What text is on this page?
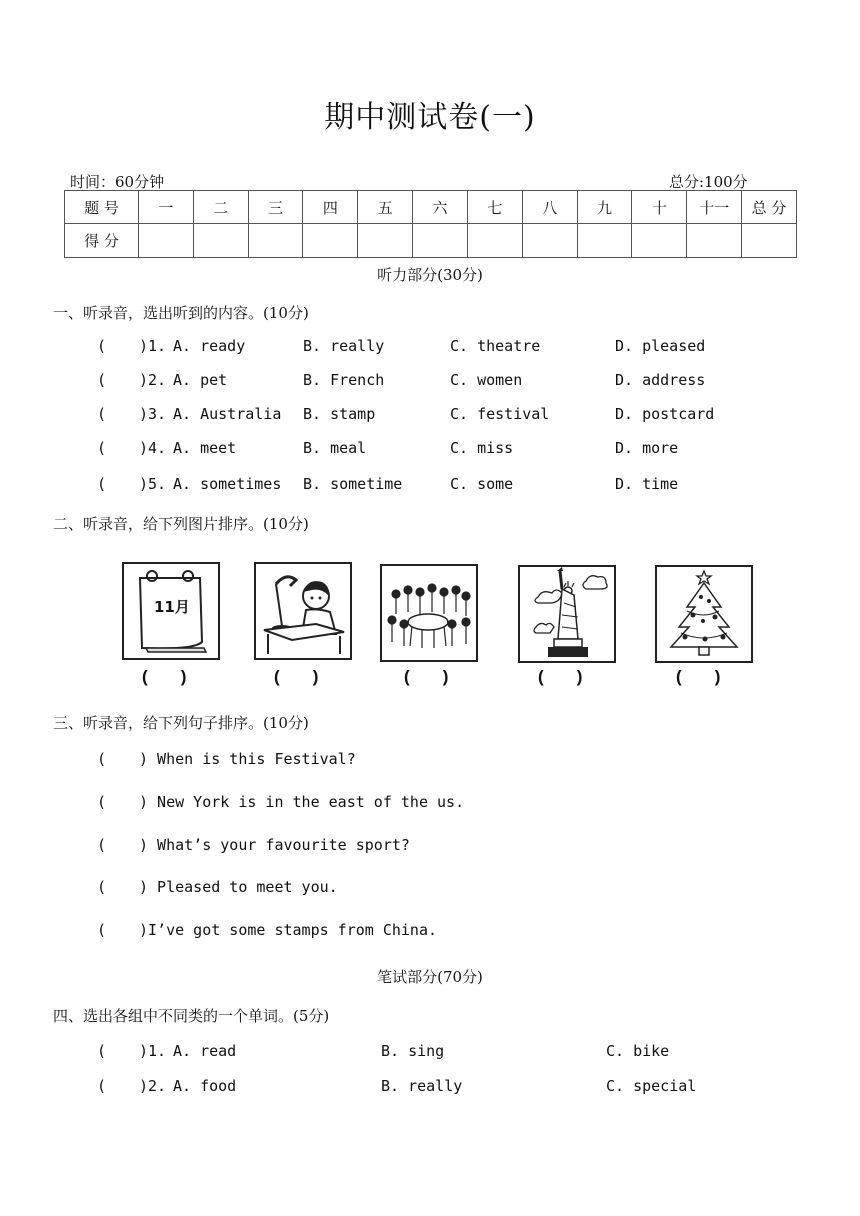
期中测试卷(一)
时间：60分钟	总分:100分
题 号	一	二	三	四	五	六	七	八	九	十	十一	总 分
得 分												
听力部分(30分)
一、听录音，选出听到的内容。(10分)
( )1. A. ready	B. really	C. theatre	D. pleased
( )2. A. pet	B. French	C. women	D. address
( )3. A. Australia B. stamp	C. festival	D. postcard
( )4. A. meet	B. meal	C. miss	D. more
( )5. A. sometimes B. sometime	C. some	D. time
二、听录音，给下列图片排序。(10分)
11月
(       )	(       )	(       )	(       )	(       )
三、听录音，给下列句子排序。(10分)
( ) When is this Festival?
( ) New York is in the east of the us.
( ) What’s your favourite sport?
( ) Pleased to meet you.
( )I’ve got some stamps from China.
笔试部分(70分)
四、选出各组中不同类的一个单词。(5分)
( )1. A. read	B. sing	C. bike
( )2. A. food	B. really	C. special
